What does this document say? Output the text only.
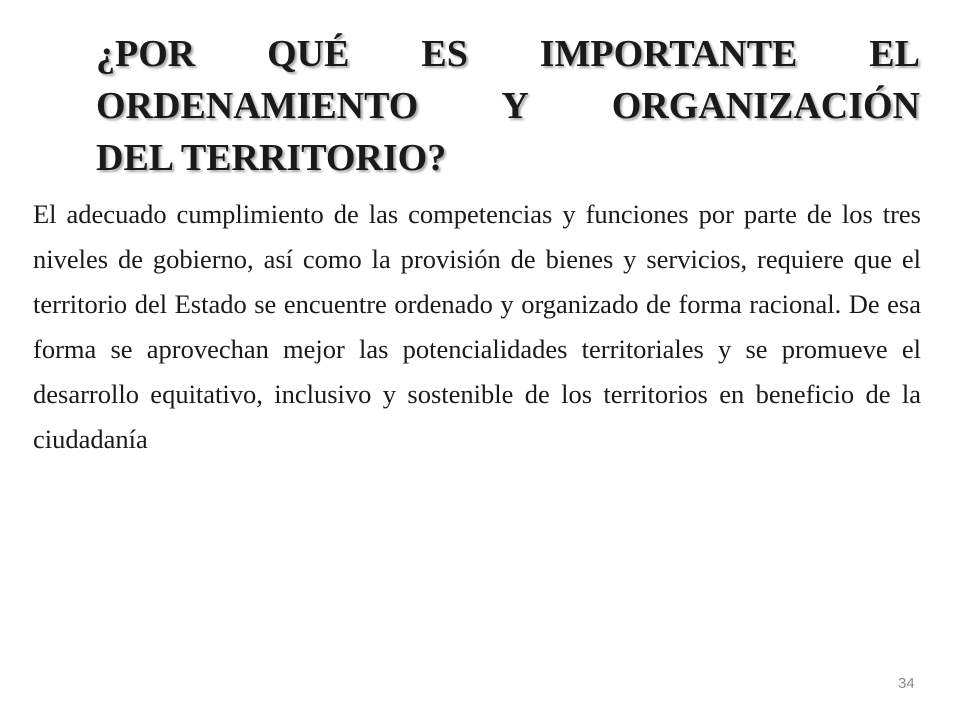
¿POR QUÉ ES IMPORTANTE EL
ORDENAMIENTO Y ORGANIZACIÓN
DEL TERRITORIO?

El adecuado cumplimiento de las competencias y funciones por parte de los tres niveles de gobierno, así como la provisión de bienes y servicios, requiere que el territorio del Estado se encuentre ordenado y organizado de forma racional. De esa forma se aprovechan mejor las potencialidades territoriales y se promueve el desarrollo equitativo, inclusivo y sostenible de los territorios en beneficio de la ciudadanía

34
